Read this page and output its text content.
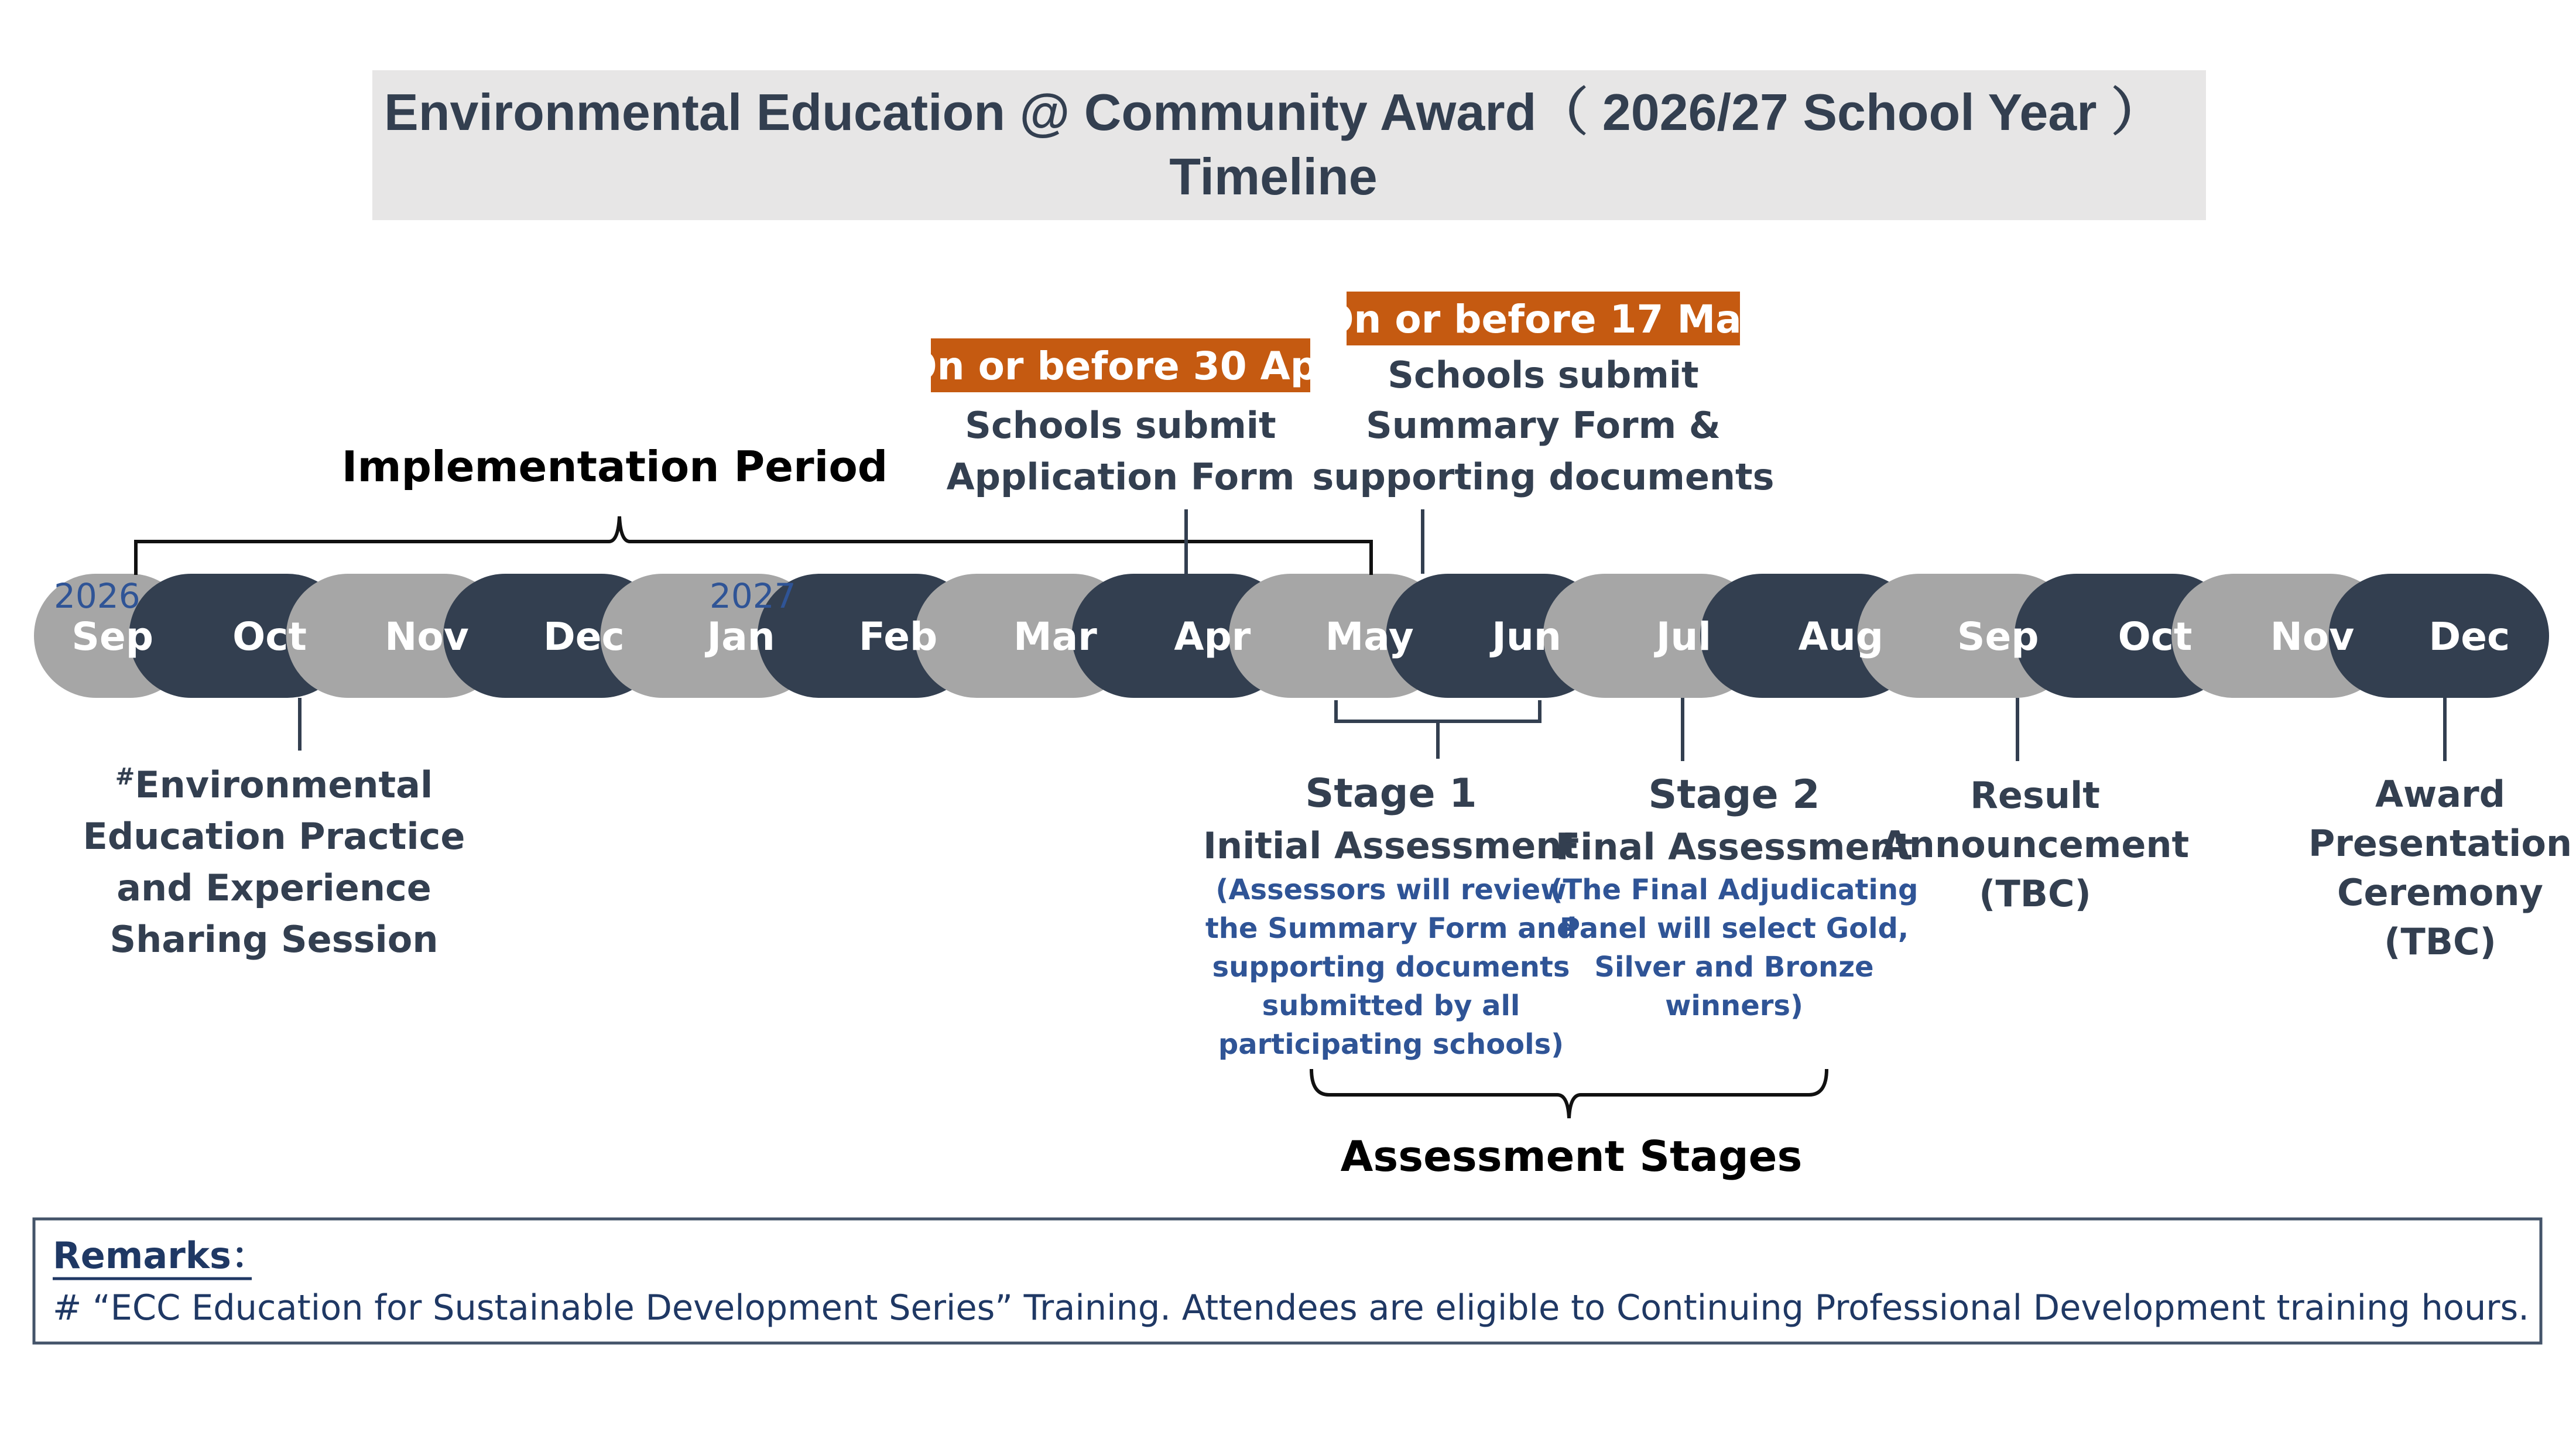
Environmental Education @ Community Award（ 2026/27 School Year ）
Timeline
Sep Oct Nov Dec Jan Feb Mar Apr May Jun Jul Aug Sep Oct Nov Dec
2026	2027
Implementation Period
On or before 30 Apr
Schools submit
Application Form
On or before 17 May
Schools submit
Summary Form &
supporting documents
#Environmental
Education Practice
and Experience
Sharing Session
Stage 1
Initial Assessment
(Assessors will review
the Summary Form and
supporting documents
submitted by all
participating schools)
Stage 2
Final Assessment
(The Final Adjudicating
Panel will select Gold,
Silver and Bronze
winners)
Result
Announcement
(TBC)
Award
Presentation
Ceremony
(TBC)
Assessment Stages
Remarks：
# “ECC Education for Sustainable Development Series” Training. Attendees are eligible to Continuing Professional Development training hours.
